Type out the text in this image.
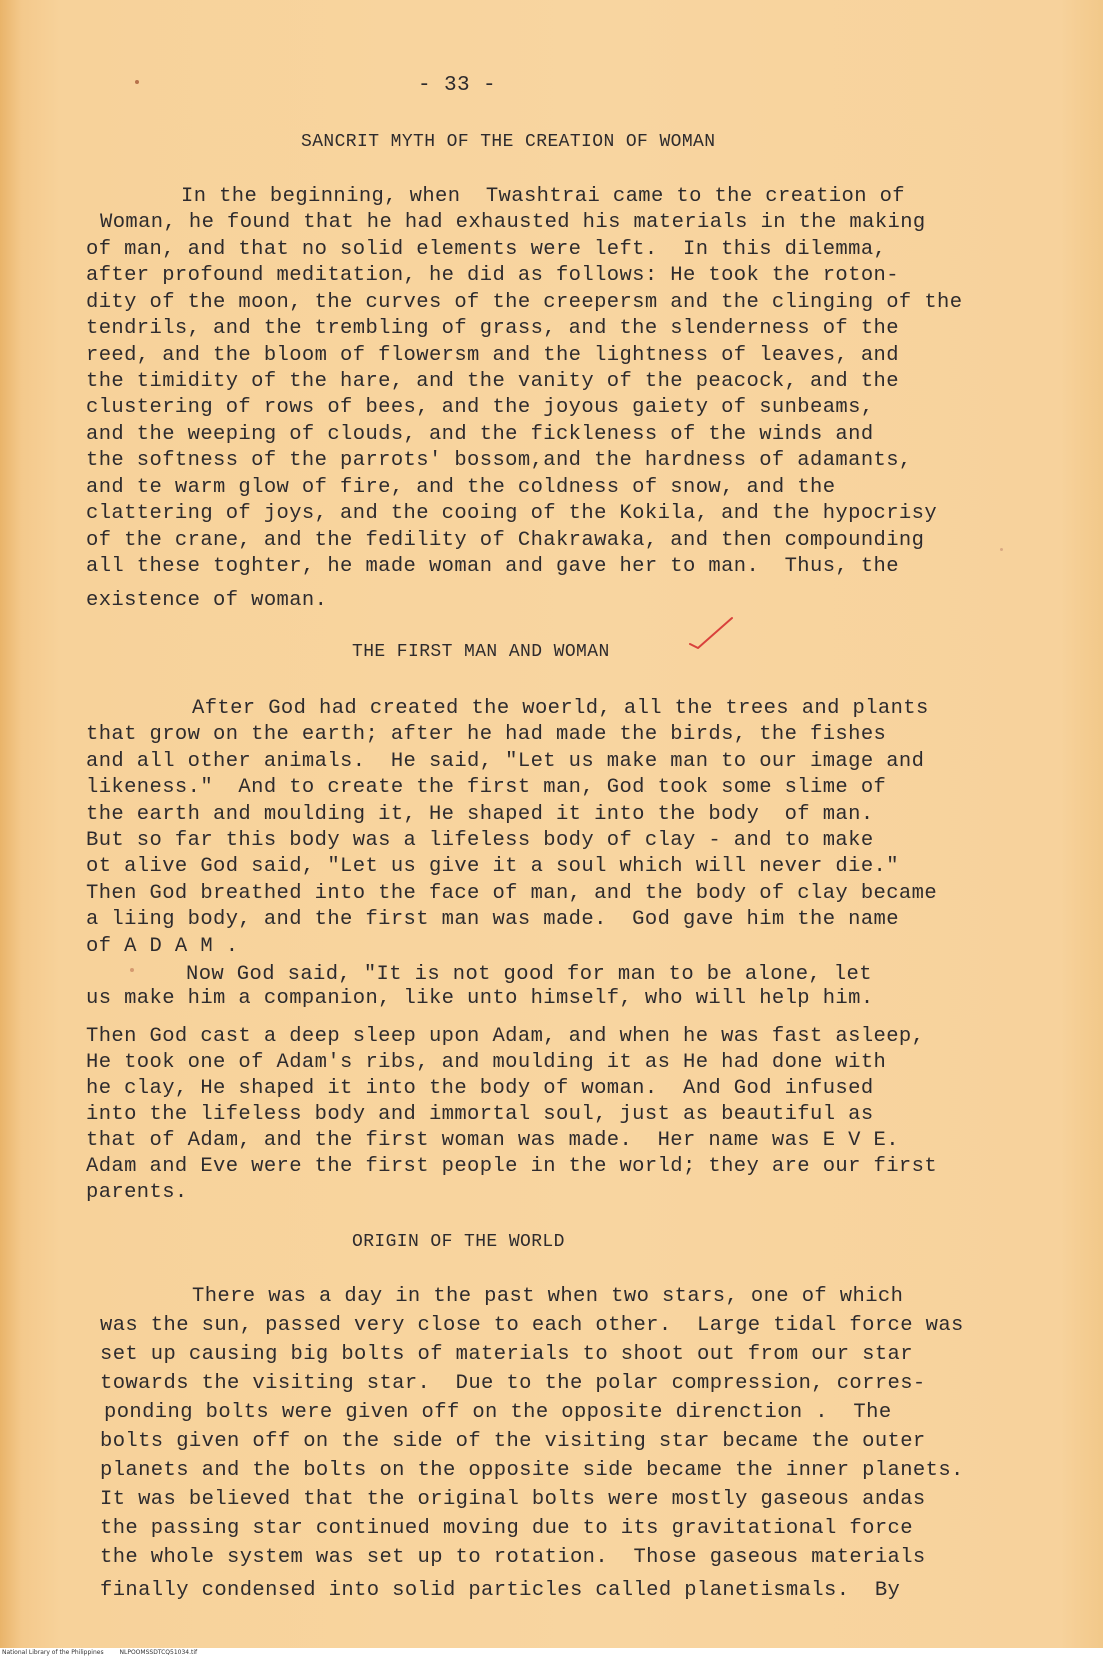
- 33 -
SANCRIT MYTH OF THE CREATION OF WOMAN
In the beginning, when  Twashtrai came to the creation of
Woman, he found that he had exhausted his materials in the making
of man, and that no solid elements were left.  In this dilemma,
after profound meditation, he did as follows: He took the roton-
dity of the moon, the curves of the creepersm and the clinging of the
tendrils, and the trembling of grass, and the slenderness of the
reed, and the bloom of flowersm and the lightness of leaves, and
the timidity of the hare, and the vanity of the peacock, and the
clustering of rows of bees, and the joyous gaiety of sunbeams,
and the weeping of clouds, and the fickleness of the winds and
the softness of the parrots' bossom,and the hardness of adamants,
and te warm glow of fire, and the coldness of snow, and the
clattering of joys, and the cooing of the Kokila, and the hypocrisy
of the crane, and the fedility of Chakrawaka, and then compounding
all these toghter, he made woman and gave her to man.  Thus, the
existence of woman.
THE FIRST MAN AND WOMAN
After God had created the woerld, all the trees and plants
that grow on the earth; after he had made the birds, the fishes
and all other animals.  He said, "Let us make man to our image and
likeness."  And to create the first man, God took some slime of
the earth and moulding it, He shaped it into the body  of man.
But so far this body was a lifeless body of clay - and to make
ot alive God said, "Let us give it a soul which will never die."
Then God breathed into the face of man, and the body of clay became
a liing body, and the first man was made.  God gave him the name
of A D A M .
Now God said, "It is not good for man to be alone, let
us make him a companion, like unto himself, who will help him.
Then God cast a deep sleep upon Adam, and when he was fast asleep,
He took one of Adam's ribs, and moulding it as He had done with
he clay, He shaped it into the body of woman.  And God infused
into the lifeless body and immortal soul, just as beautiful as
that of Adam, and the first woman was made.  Her name was E V E.
Adam and Eve were the first people in the world; they are our first
parents.
ORIGIN OF THE WORLD
There was a day in the past when two stars, one of which
was the sun, passed very close to each other.  Large tidal force was
set up causing big bolts of materials to shoot out from our star
towards the visiting star.  Due to the polar compression, corres-
ponding bolts were given off on the opposite direnction .  The
bolts given off on the side of the visiting star became the outer
planets and the bolts on the opposite side became the inner planets.
It was believed that the original bolts were mostly gaseous andas
the passing star continued moving due to its gravitational force
the whole system was set up to rotation.  Those gaseous materials
finally condensed into solid particles called planetismals.  By
National Library of the Philippines	NLPOOMSSDTCQ51034.tif
